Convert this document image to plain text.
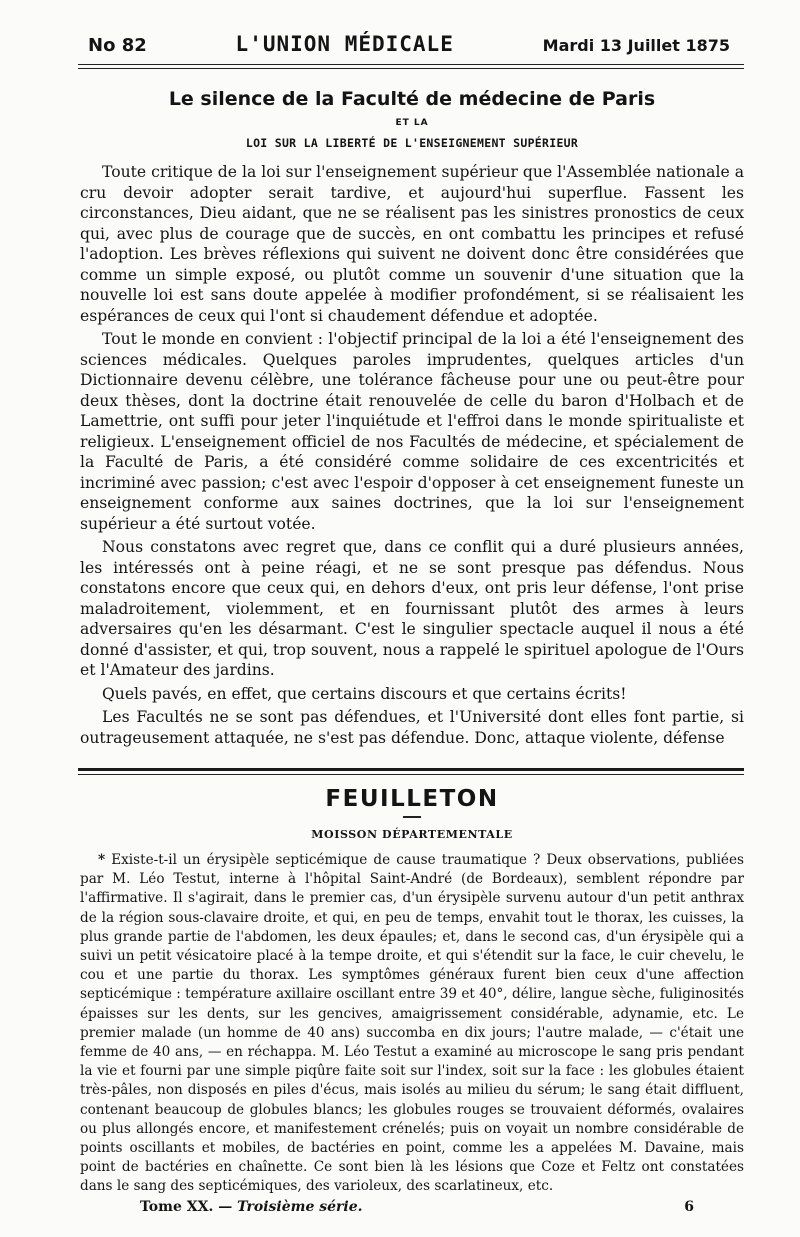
No 82	L'UNION MÉDICALE	Mardi 13 Juillet 1875

Le silence de la Faculté de médecine de Paris

ET LA

LOI SUR LA LIBERTÉ DE L'ENSEIGNEMENT SUPÉRIEUR

Toute critique de la loi sur l'enseignement supérieur que l'Assemblée nationale a cru devoir adopter serait tardive, et aujourd'hui superflue. Fassent les circonstances, Dieu aidant, que ne se réalisent pas les sinistres pronostics de ceux qui, avec plus de courage que de succès, en ont combattu les principes et refusé l'adoption. Les brèves réflexions qui suivent ne doivent donc être considérées que comme un simple exposé, ou plutôt comme un souvenir d'une situation que la nouvelle loi est sans doute appelée à modifier profondément, si se réalisaient les espérances de ceux qui l'ont si chaudement défendue et adoptée.

Tout le monde en convient : l'objectif principal de la loi a été l'enseignement des sciences médicales. Quelques paroles imprudentes, quelques articles d'un Dictionnaire devenu célèbre, une tolérance fâcheuse pour une ou peut-être pour deux thèses, dont la doctrine était renouvelée de celle du baron d'Holbach et de Lamettrie, ont suffi pour jeter l'inquiétude et l'effroi dans le monde spiritualiste et religieux. L'enseignement officiel de nos Facultés de médecine, et spécialement de la Faculté de Paris, a été considéré comme solidaire de ces excentricités et incriminé avec passion; c'est avec l'espoir d'opposer à cet enseignement funeste un enseignement conforme aux saines doctrines, que la loi sur l'enseignement supérieur a été surtout votée.

Nous constatons avec regret que, dans ce conflit qui a duré plusieurs années, les intéressés ont à peine réagi, et ne se sont presque pas défendus. Nous constatons encore que ceux qui, en dehors d'eux, ont pris leur défense, l'ont prise maladroitement, violemment, et en fournissant plutôt des armes à leurs adversaires qu'en les désarmant. C'est le singulier spectacle auquel il nous a été donné d'assister, et qui, trop souvent, nous a rappelé le spirituel apologue de l'Ours et l'Amateur des jardins.

Quels pavés, en effet, que certains discours et que certains écrits!

Les Facultés ne se sont pas défendues, et l'Université dont elles font partie, si outrageusement attaquée, ne s'est pas défendue. Donc, attaque violente, défense

FEUILLETON

MOISSON DÉPARTEMENTALE

* Existe-t-il un érysipèle septicémique de cause traumatique ? Deux observations, publiées par M. Léo Testut, interne à l'hôpital Saint-André (de Bordeaux), semblent répondre par l'affirmative. Il s'agirait, dans le premier cas, d'un érysipèle survenu autour d'un petit anthrax de la région sous-clavaire droite, et qui, en peu de temps, envahit tout le thorax, les cuisses, la plus grande partie de l'abdomen, les deux épaules; et, dans le second cas, d'un érysipèle qui a suivi un petit vésicatoire placé à la tempe droite, et qui s'étendit sur la face, le cuir chevelu, le cou et une partie du thorax. Les symptômes généraux furent bien ceux d'une affection septicémique : température axillaire oscillant entre 39 et 40°, délire, langue sèche, fuliginosités épaisses sur les dents, sur les gencives, amaigrissement considérable, adynamie, etc. Le premier malade (un homme de 40 ans) succomba en dix jours; l'autre malade, — c'était une femme de 40 ans, — en réchappa. M. Léo Testut a examiné au microscope le sang pris pendant la vie et fourni par une simple piqûre faite soit sur l'index, soit sur la face : les globules étaient très-pâles, non disposés en piles d'écus, mais isolés au milieu du sérum; le sang était diffluent, contenant beaucoup de globules blancs; les globules rouges se trouvaient déformés, ovalaires ou plus allongés encore, et manifestement crénelés; puis on voyait un nombre considérable de points oscillants et mobiles, de bactéries en point, comme les a appelées M. Davaine, mais point de bactéries en chaînette. Ce sont bien là les lésions que Coze et Feltz ont constatées dans le sang des septicémiques, des varioleux, des scarlatineux, etc.

Tome XX. — Troisième série.	6
